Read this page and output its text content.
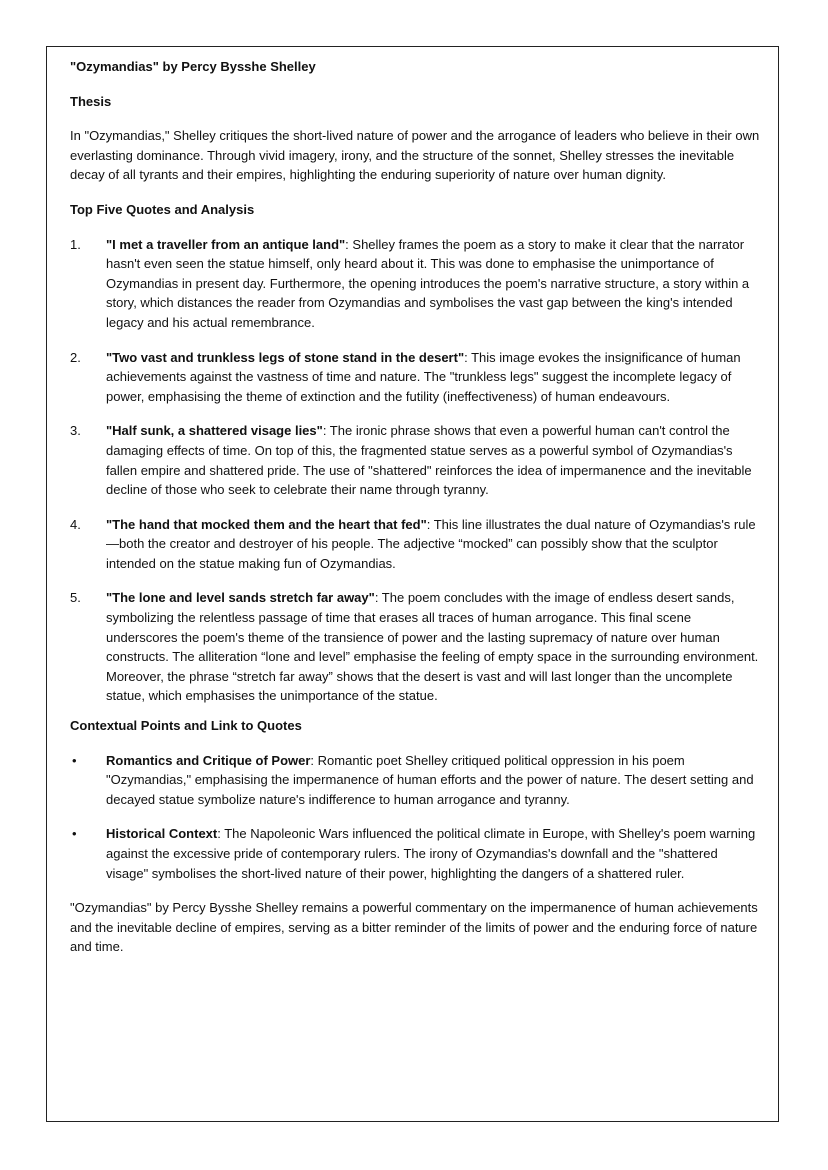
"Ozymandias" by Percy Bysshe Shelley
Thesis

In "Ozymandias," Shelley critiques the short-lived nature of power and the arrogance of leaders who believe in their own everlasting dominance. Through vivid imagery, irony, and the structure of the sonnet, Shelley stresses the inevitable decay of all tyrants and their empires, highlighting the enduring superiority of nature over human dignity.

Top Five Quotes and Analysis
1. "I met a traveller from an antique land": Shelley frames the poem as a story to make it clear that the narrator hasn't even seen the statue himself, only heard about it. This was done to emphasise the unimportance of Ozymandias in present day. Furthermore, the opening introduces the poem's narrative structure, a story within a story, which distances the reader from Ozymandias and symbolises the vast gap between the king's intended legacy and his actual remembrance.
2. "Two vast and trunkless legs of stone stand in the desert": This image evokes the insignificance of human achievements against the vastness of time and nature. The "trunkless legs" suggest the incomplete legacy of power, emphasising the theme of extinction and the futility (ineffectiveness) of human endeavours.
3. "Half sunk, a shattered visage lies": The ironic phrase shows that even a powerful human can't control the damaging effects of time. On top of this, the fragmented statue serves as a powerful symbol of Ozymandias's fallen empire and shattered pride. The use of "shattered" reinforces the idea of impermanence and the inevitable decline of those who seek to celebrate their name through tyranny.
4. "The hand that mocked them and the heart that fed": This line illustrates the dual nature of Ozymandias's rule—both the creator and destroyer of his people. The adjective “mocked” can possibly show that the sculptor intended on the statue making fun of Ozymandias.
5. "The lone and level sands stretch far away": The poem concludes with the image of endless desert sands, symbolizing the relentless passage of time that erases all traces of human arrogance. This final scene underscores the poem's theme of the transience of power and the lasting supremacy of nature over human constructs. The alliteration “lone and level” emphasise the feeling of empty space in the surrounding environment. Moreover, the phrase “stretch far away” shows that the desert is vast and will last longer than the uncomplete statue, which emphasises the unimportance of the statue.
Contextual Points and Link to Quotes
• Romantics and Critique of Power: Romantic poet Shelley critiqued political oppression in his poem "Ozymandias," emphasising the impermanence of human efforts and the power of nature. The desert setting and decayed statue symbolize nature's indifference to human arrogance and tyranny.
• Historical Context: The Napoleonic Wars influenced the political climate in Europe, with Shelley's poem warning against the excessive pride of contemporary rulers. The irony of Ozymandias's downfall and the "shattered visage" symbolises the short-lived nature of their power, highlighting the dangers of a shattered ruler.

"Ozymandias" by Percy Bysshe Shelley remains a powerful commentary on the impermanence of human achievements and the inevitable decline of empires, serving as a bitter reminder of the limits of power and the enduring force of nature and time.
